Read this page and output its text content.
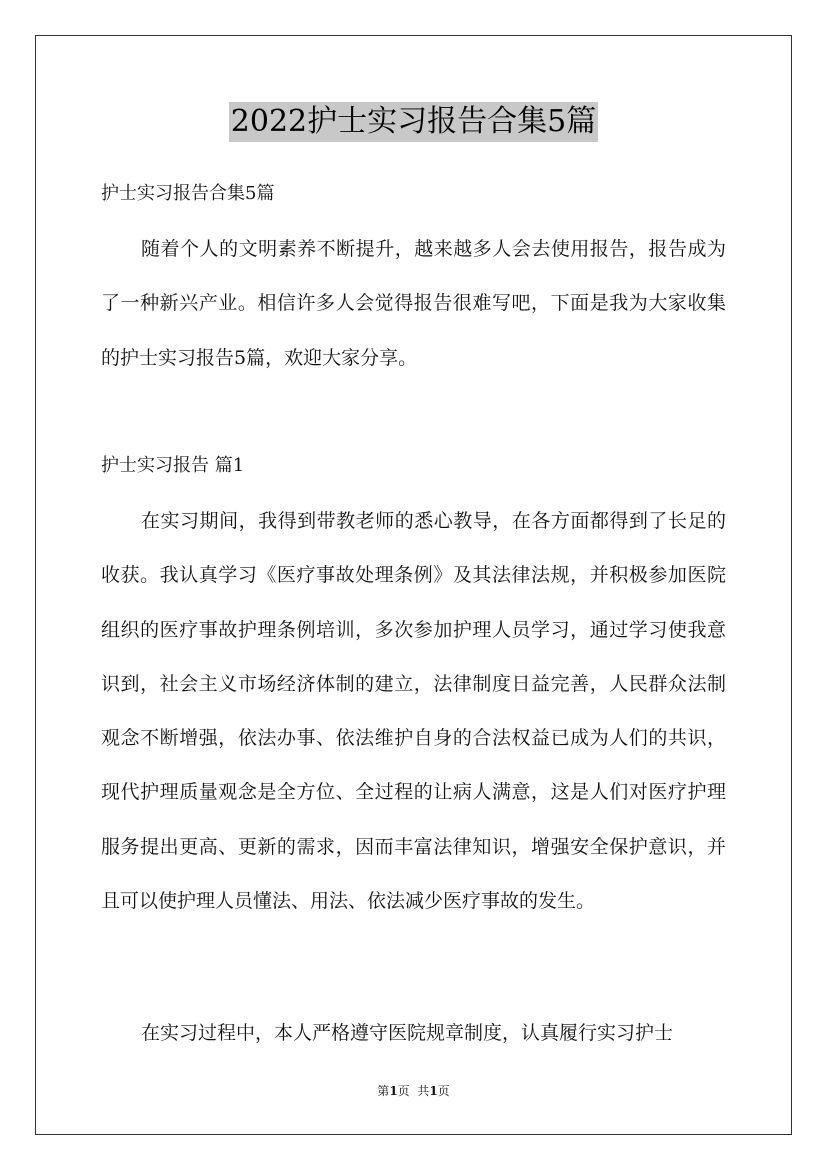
2022护士实习报告合集5篇
护士实习报告合集5篇

随着个人的文明素养不断提升，越来越多人会去使用报告，报告成为了一种新兴产业。相信许多人会觉得报告很难写吧，下面是我为大家收集的护士实习报告5篇，欢迎大家分享。

护士实习报告 篇1

在实习期间，我得到带教老师的悉心教导，在各方面都得到了长足的收获。我认真学习《医疗事故处理条例》及其法律法规，并积极参加医院组织的医疗事故护理条例培训，多次参加护理人员学习，通过学习使我意识到，社会主义市场经济体制的建立，法律制度日益完善，人民群众法制观念不断增强，依法办事、依法维护自身的合法权益已成为人们的共识，现代护理质量观念是全方位、全过程的让病人满意，这是人们对医疗护理服务提出更高、更新的需求，因而丰富法律知识，增强安全保护意识，并且可以使护理人员懂法、用法、依法减少医疗事故的发生。

在实习过程中，本人严格遵守医院规章制度，认真履行实习护士

第1页  共1页
